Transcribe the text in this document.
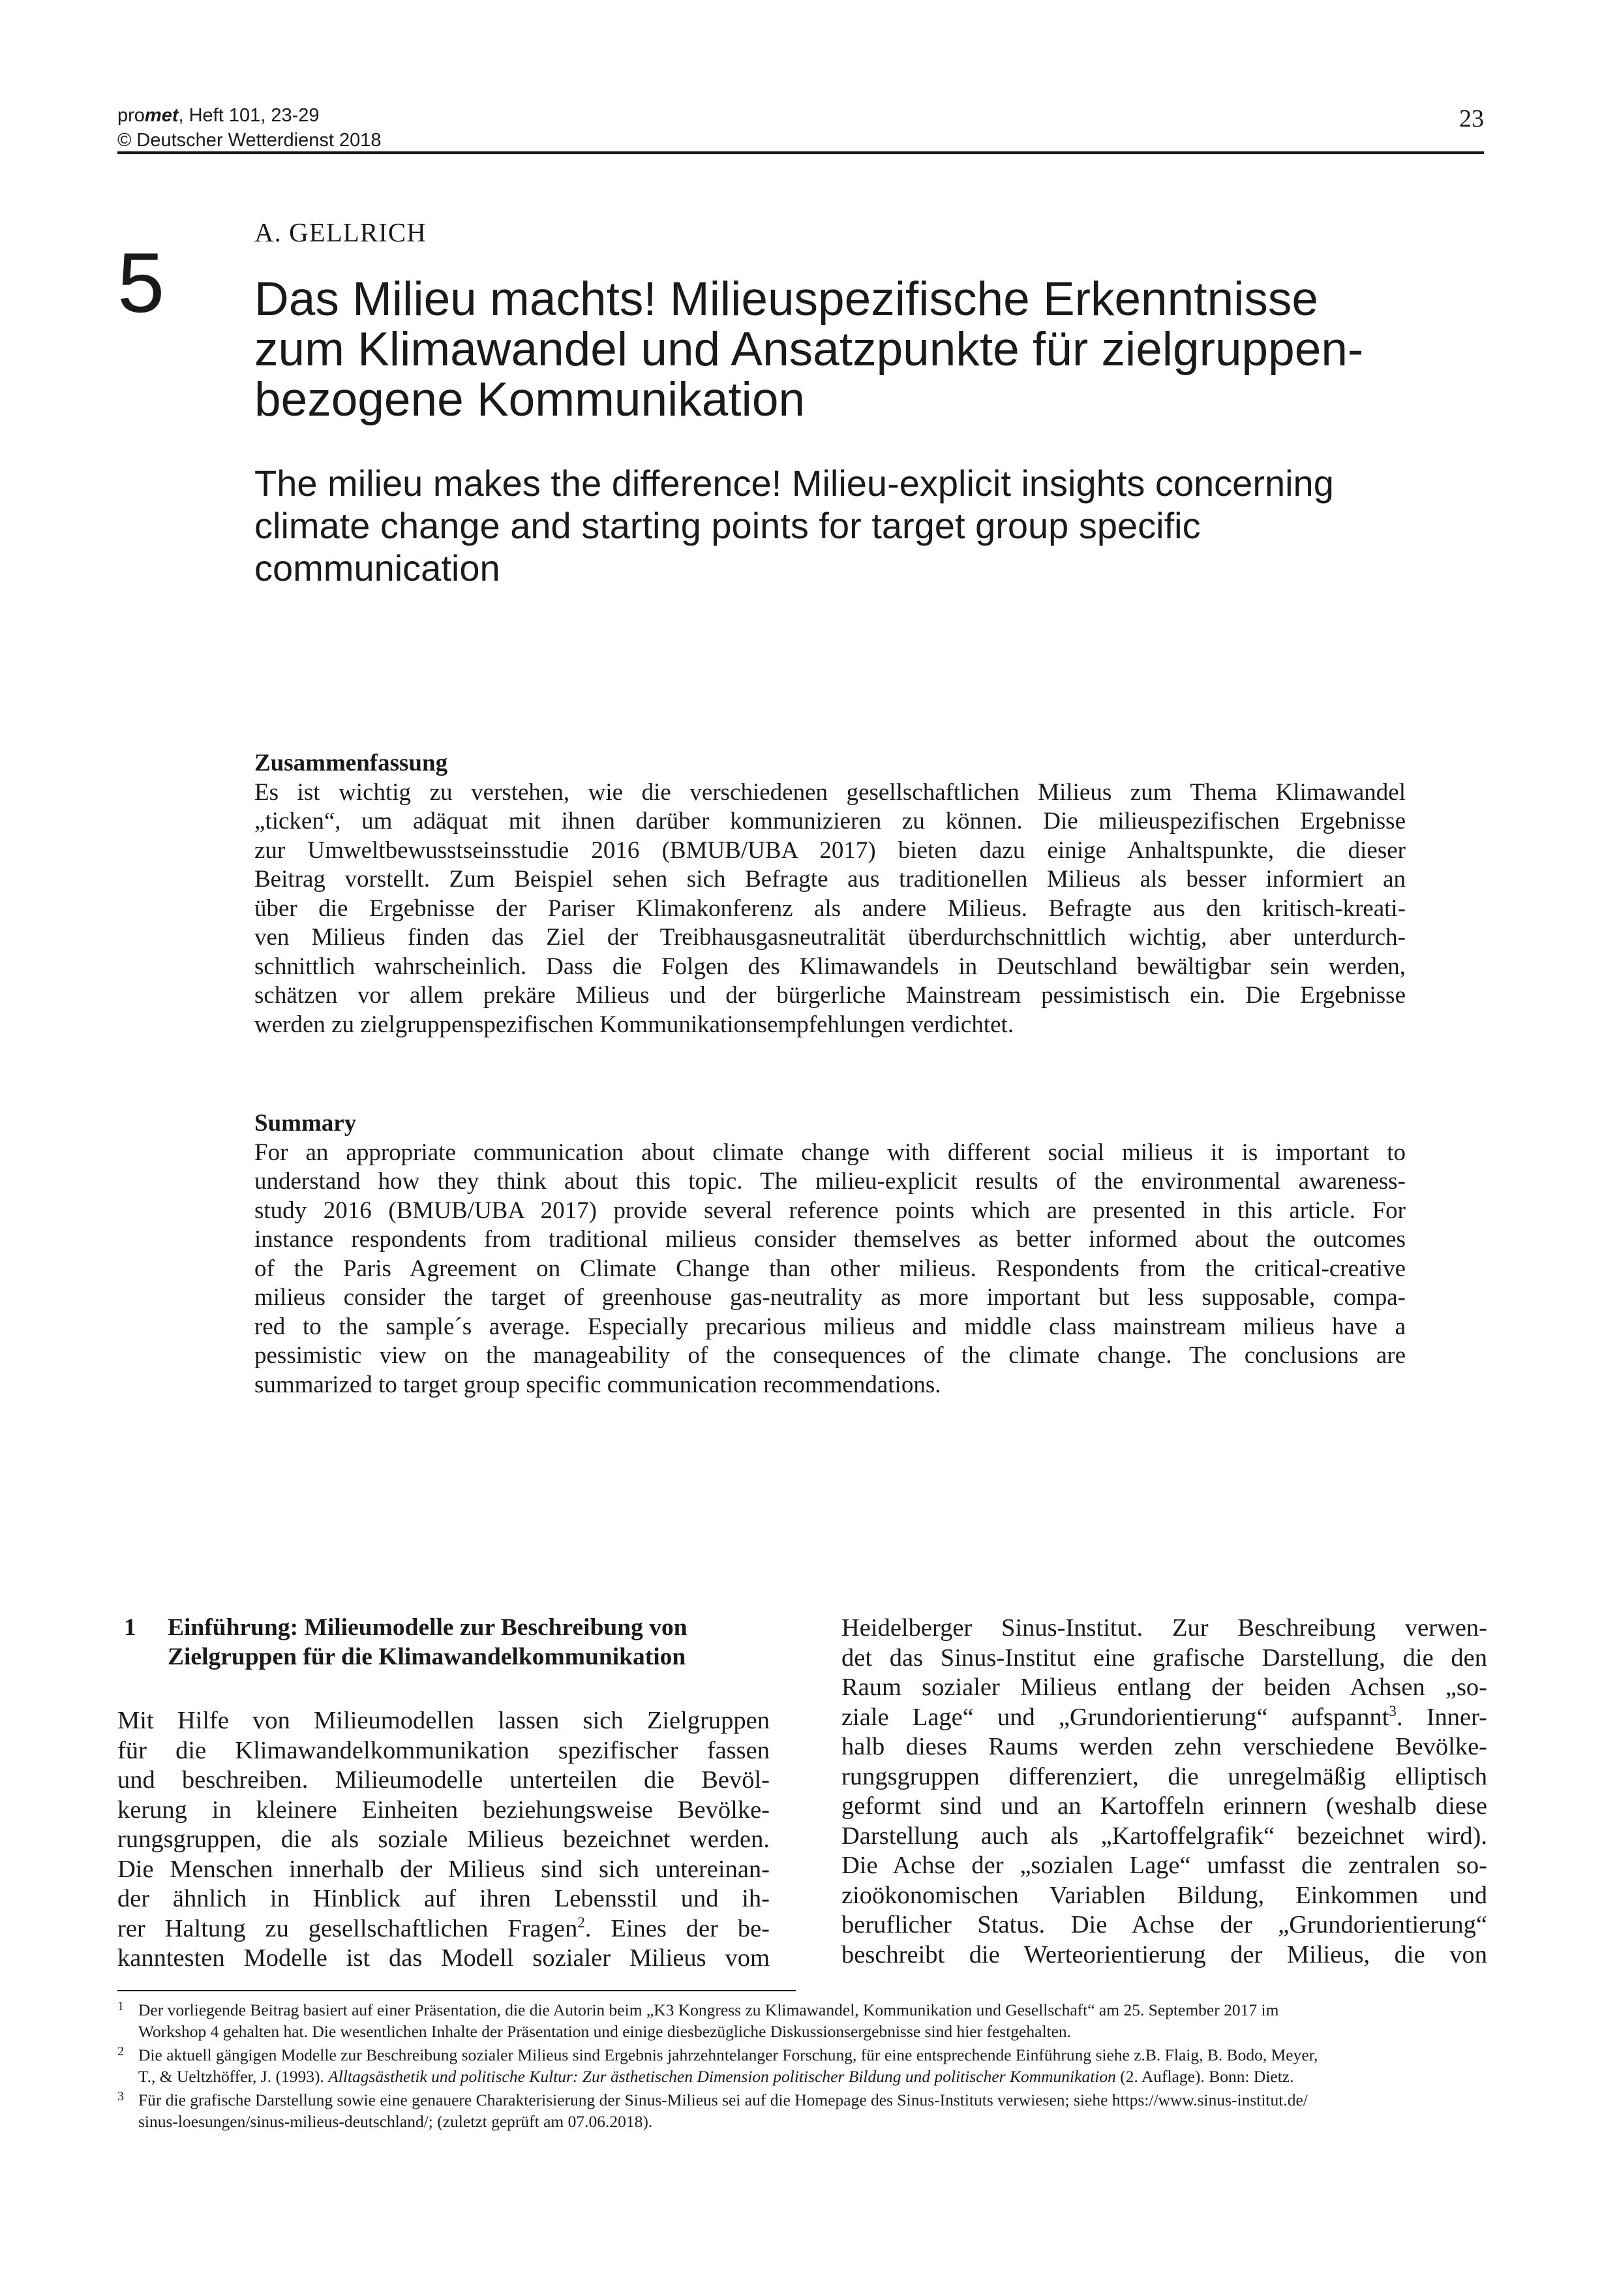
promet, Heft 101, 23-29
© Deutscher Wetterdienst 2018
23
5
A. GELLRICH
Das Milieu machts! Milieuspezifische Erkenntnisse
zum Klimawandel und Ansatzpunkte für zielgruppen-
bezogene Kommunikation
The milieu makes the difference! Milieu-explicit insights concerning
climate change and starting points for target group specific
communication
Zusammenfassung
Es ist wichtig zu verstehen, wie die verschiedenen gesellschaftlichen Milieus zum Thema Klimawandel
„ticken“, um adäquat mit ihnen darüber kommunizieren zu können. Die milieuspezifischen Ergebnisse
zur Umweltbewusstseinsstudie 2016 (BMUB/UBA 2017) bieten dazu einige Anhaltspunkte, die dieser
Beitrag vorstellt. Zum Beispiel sehen sich Befragte aus traditionellen Milieus als besser informiert an
über die Ergebnisse der Pariser Klimakonferenz als andere Milieus. Befragte aus den kritisch-kreati-
ven Milieus finden das Ziel der Treibhausgasneutralität überdurchschnittlich wichtig, aber unterdurch-
schnittlich wahrscheinlich. Dass die Folgen des Klimawandels in Deutschland bewältigbar sein werden,
schätzen vor allem prekäre Milieus und der bürgerliche Mainstream pessimistisch ein. Die Ergebnisse
werden zu zielgruppenspezifischen Kommunikationsempfehlungen verdichtet.
Summary
For an appropriate communication about climate change with different social milieus it is important to
understand how they think about this topic. The milieu-explicit results of the environmental awareness-
study 2016 (BMUB/UBA 2017) provide several reference points which are presented in this article. For
instance respondents from traditional milieus consider themselves as better informed about the outcomes
of the Paris Agreement on Climate Change than other milieus. Respondents from the critical-creative
milieus consider the target of greenhouse gas-neutrality as more important but less supposable, compa-
red to the sample´s average. Especially precarious milieus and middle class mainstream milieus have a
pessimistic view on the manageability of the consequences of the climate change. The conclusions are
summarized to target group specific communication recommendations.
1 Einführung: Milieumodelle zur Beschreibung von
Zielgruppen für die Klimawandelkommunikation
Mit Hilfe von Milieumodellen lassen sich Zielgruppen
für die Klimawandelkommunikation spezifischer fassen
und beschreiben. Milieumodelle unterteilen die Bevöl-
kerung in kleinere Einheiten beziehungsweise Bevölke-
rungsgruppen, die als soziale Milieus bezeichnet werden.
Die Menschen innerhalb der Milieus sind sich untereinan-
der ähnlich in Hinblick auf ihren Lebensstil und ih-
rer Haltung zu gesellschaftlichen Fragen$^2$. Eines der be-
kanntesten Modelle ist das Modell sozialer Milieus vom
Heidelberger Sinus-Institut. Zur Beschreibung verwen-
det das Sinus-Institut eine grafische Darstellung, die den
Raum sozialer Milieus entlang der beiden Achsen „so-
ziale Lage“ und „Grundorientierung“ aufspannt$^3$. Inner-
halb dieses Raums werden zehn verschiedene Bevölke-
rungsgruppen differenziert, die unregelmäßig elliptisch
geformt sind und an Kartoffeln erinnern (weshalb diese
Darstellung auch als „Kartoffelgrafik“ bezeichnet wird).
Die Achse der „sozialen Lage“ umfasst die zentralen so-
zioökonomischen Variablen Bildung, Einkommen und
beruflicher Status. Die Achse der „Grundorientierung“
beschreibt die Werteorientierung der Milieus, die von
1 Der vorliegende Beitrag basiert auf einer Präsentation, die die Autorin beim „K3 Kongress zu Klimawandel, Kommunikation und Gesellschaft“ am 25. September 2017 im
Workshop 4 gehalten hat. Die wesentlichen Inhalte der Präsentation und einige diesbezügliche Diskussionsergebnisse sind hier festgehalten.
2 Die aktuell gängigen Modelle zur Beschreibung sozialer Milieus sind Ergebnis jahrzehntelanger Forschung, für eine entsprechende Einführung siehe z.B. Flaig, B. Bodo, Meyer,
T., & Ueltzhöffer, J. (1993). Alltagsästhetik und politische Kultur: Zur ästhetischen Dimension politischer Bildung und politischer Kommunikation (2. Auflage). Bonn: Dietz.
3 Für die grafische Darstellung sowie eine genauere Charakterisierung der Sinus-Milieus sei auf die Homepage des Sinus-Instituts verwiesen; siehe https://www.sinus-institut.de/
sinus-loesungen/sinus-milieus-deutschland/; (zuletzt geprüft am 07.06.2018).
